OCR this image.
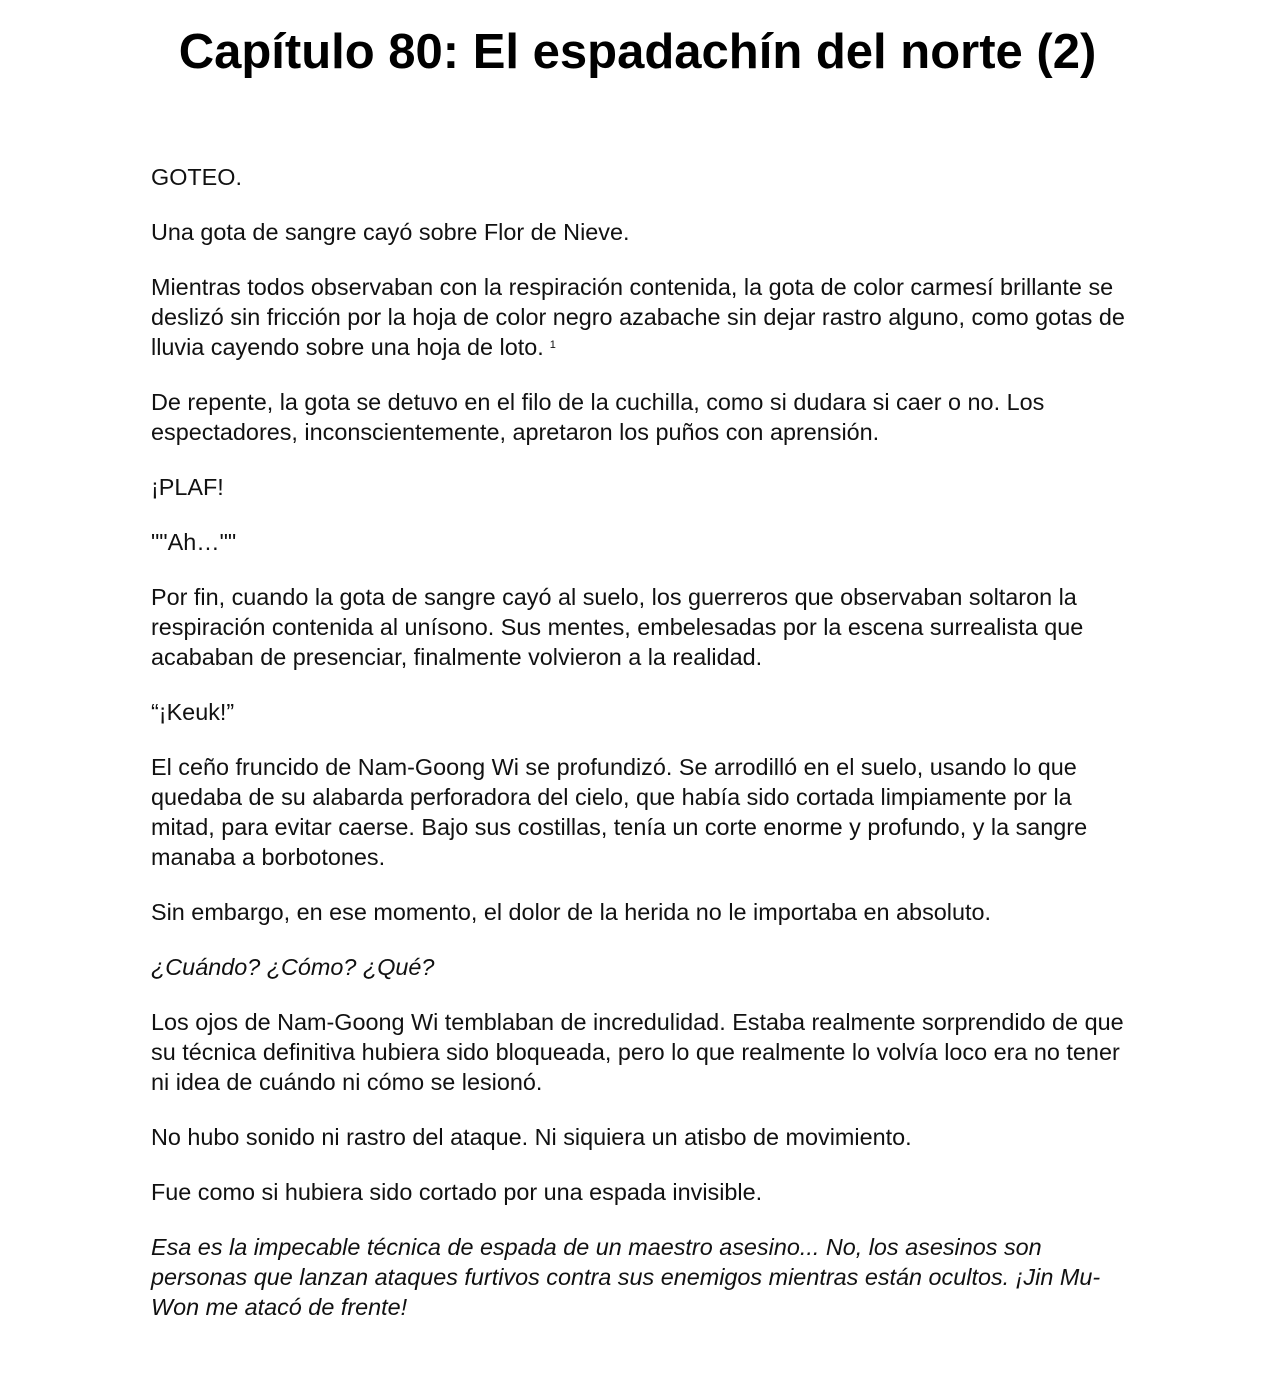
Capítulo 80: El espadachín del norte (2)

GOTEO.

Una gota de sangre cayó sobre Flor de Nieve.

Mientras todos observaban con la respiración contenida, la gota de color carmesí brillante se deslizó sin fricción por la hoja de color negro azabache sin dejar rastro alguno, como gotas de lluvia cayendo sobre una hoja de loto. $^1$

De repente, la gota se detuvo en el filo de la cuchilla, como si dudara si caer o no. Los espectadores, inconscientemente, apretaron los puños con aprensión.

¡PLAF!

""Ah…""

Por fin, cuando la gota de sangre cayó al suelo, los guerreros que observaban soltaron la respiración contenida al unísono. Sus mentes, embelesadas por la escena surrealista que acababan de presenciar, finalmente volvieron a la realidad.

“¡Keuk!”

El ceño fruncido de Nam-Goong Wi se profundizó. Se arrodilló en el suelo, usando lo que quedaba de su alabarda perforadora del cielo, que había sido cortada limpiamente por la mitad, para evitar caerse. Bajo sus costillas, tenía un corte enorme y profundo, y la sangre manaba a borbotones.

Sin embargo, en ese momento, el dolor de la herida no le importaba en absoluto.

¿Cuándo? ¿Cómo? ¿Qué?

Los ojos de Nam-Goong Wi temblaban de incredulidad. Estaba realmente sorprendido de que su técnica definitiva hubiera sido bloqueada, pero lo que realmente lo volvía loco era no tener ni idea de cuándo ni cómo se lesionó.

No hubo sonido ni rastro del ataque. Ni siquiera un atisbo de movimiento.

Fue como si hubiera sido cortado por una espada invisible.

Esa es la impecable técnica de espada de un maestro asesino... No, los asesinos son personas que lanzan ataques furtivos contra sus enemigos mientras están ocultos. ¡Jin Mu-Won me atacó de frente!
